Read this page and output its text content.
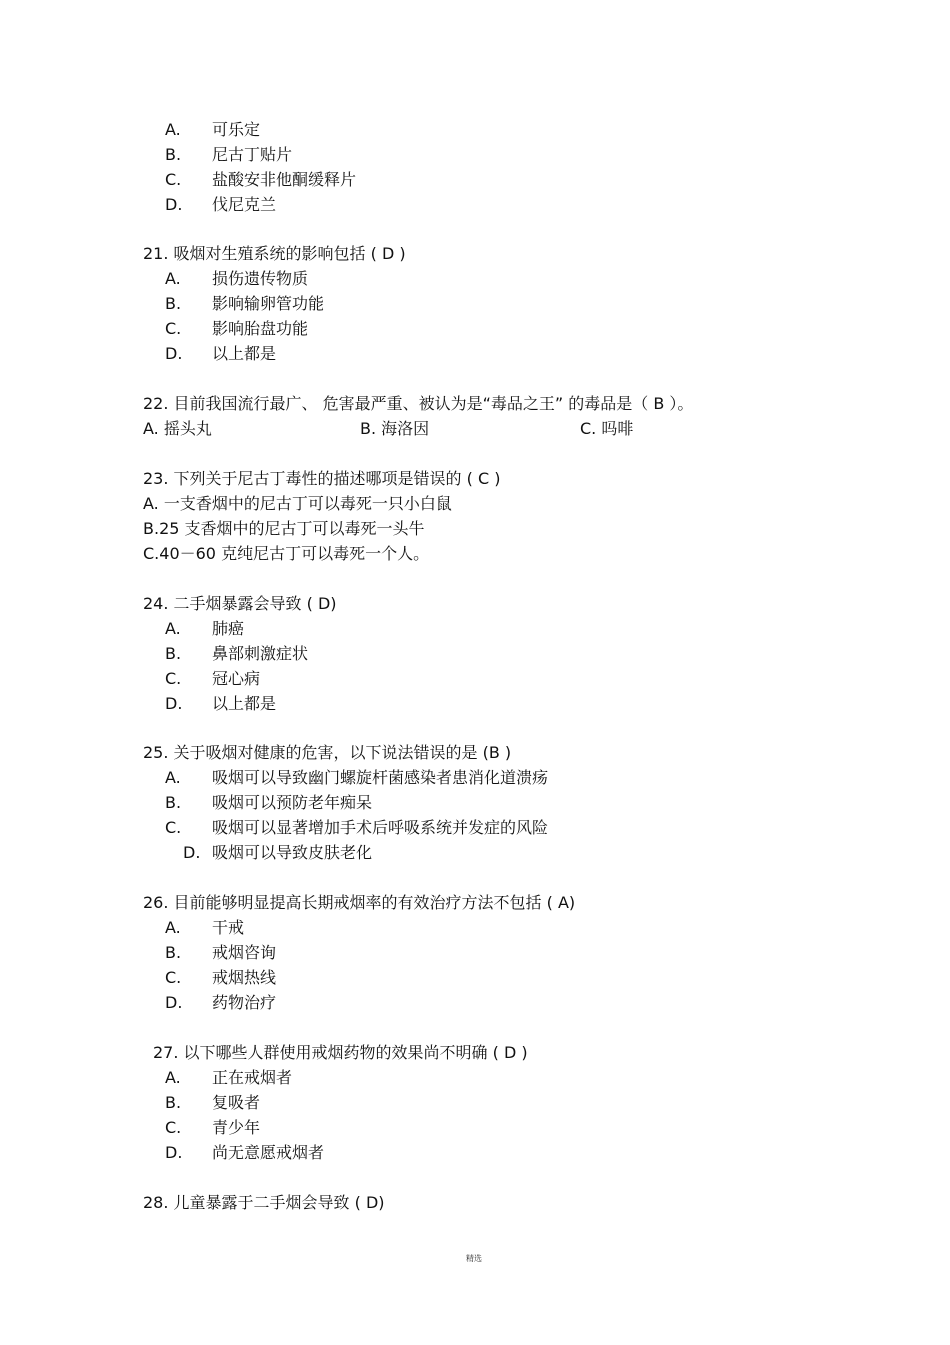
A. 可乐定
B. 尼古丁贴片
C. 盐酸安非他酮缓释片
D. 伐尼克兰
21. 吸烟对生殖系统的影响包括 ( D )
A. 损伤遗传物质
B. 影响输卵管功能
C. 影响胎盘功能
D. 以上都是
22. 目前我国流行最广、 危害最严重、被认为是“毒品之王” 的毒品是（ B ）。
A. 摇头丸	B. 海洛因	C. 吗啡
23. 下列关于尼古丁毒性的描述哪项是错误的 ( C )
A. 一支香烟中的尼古丁可以毒死一只小白鼠
B.25 支香烟中的尼古丁可以毒死一头牛
C.40－60 克纯尼古丁可以毒死一个人。
24. 二手烟暴露会导致 ( D)
A. 肺癌
B. 鼻部刺激症状
C. 冠心病
D. 以上都是
25. 关于吸烟对健康的危害，以下说法错误的是 (B )
A. 吸烟可以导致幽门螺旋杆菌感染者患消化道溃疡
B. 吸烟可以预防老年痴呆
C. 吸烟可以显著增加手术后呼吸系统并发症的风险
D. 吸烟可以导致皮肤老化
26. 目前能够明显提高长期戒烟率的有效治疗方法不包括 ( A)
A. 干戒
B. 戒烟咨询
C. 戒烟热线
D. 药物治疗
27. 以下哪些人群使用戒烟药物的效果尚不明确 ( D )
A. 正在戒烟者
B. 复吸者
C. 青少年
D. 尚无意愿戒烟者
28. 儿童暴露于二手烟会导致 ( D)
精选
